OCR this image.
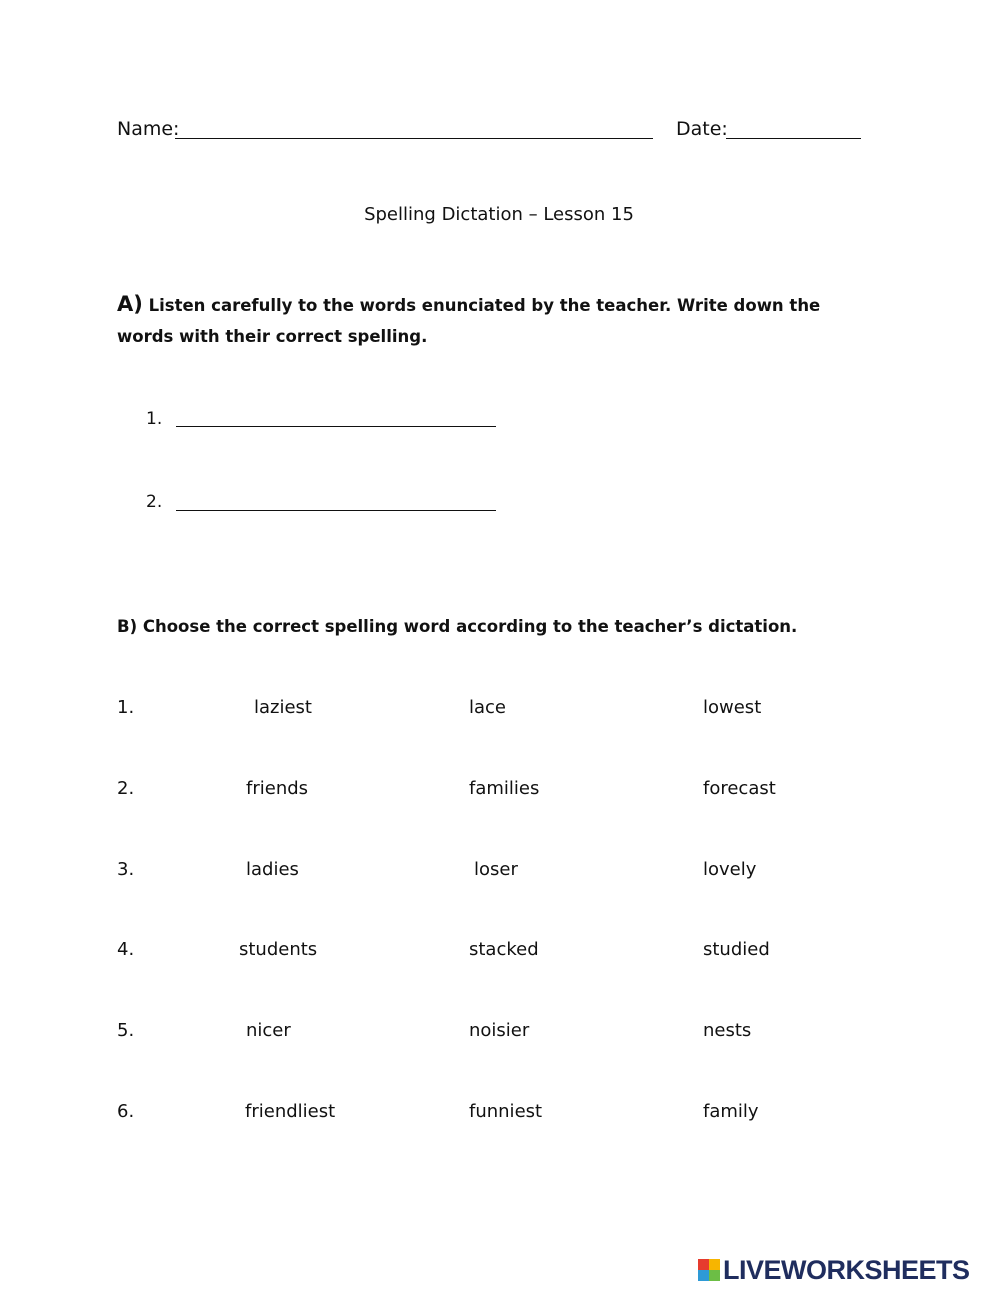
Name:	Date:
Spelling Dictation – Lesson 15
A) Listen carefully to the words enunciated by the teacher. Write down the words with their correct spelling.
1.
2.
B) Choose the correct spelling word according to the teacher’s dictation.
1.	laziest	lace	lowest
2.	friends	families	forecast
3.	ladies	loser	lovely
4.	students	stacked	studied
5.	nicer	noisier	nests
6.	friendliest	funniest	family
LIVEWORKSHEETS
